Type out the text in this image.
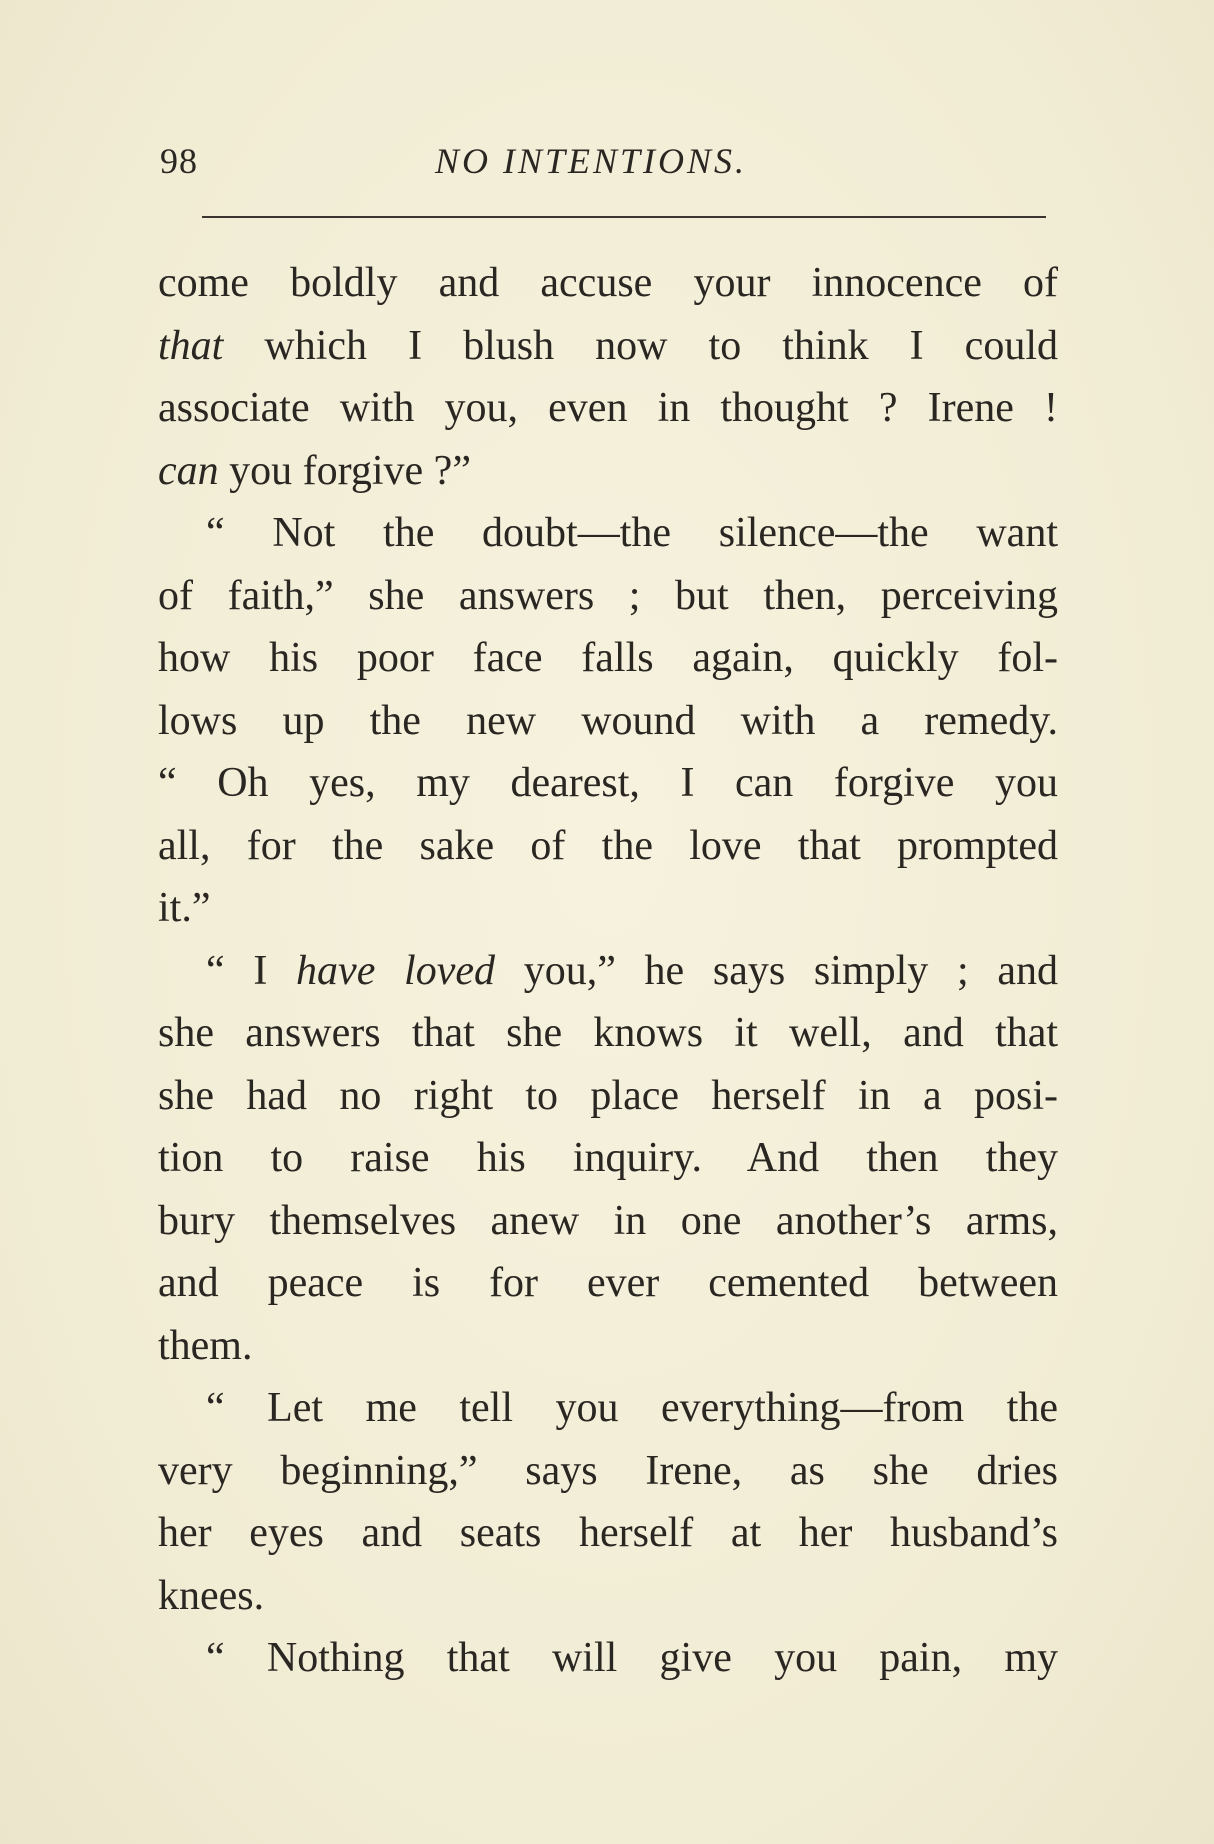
98	NO INTENTIONS.
come boldly and accuse your innocence of
that which I blush now to think I could
associate with you, even in thought ? Irene !
can you forgive ?”
“ Not the doubt—the silence—the want
of faith,” she answers ; but then, perceiving
how his poor face falls again, quickly fol-
lows up the new wound with a remedy.
“ Oh yes, my dearest, I can forgive you
all, for the sake of the love that prompted
it.”
“ I have loved you,” he says simply ; and
she answers that she knows it well, and that
she had no right to place herself in a posi-
tion to raise his inquiry. And then they
bury themselves anew in one another’s arms,
and peace is for ever cemented between
them.
“ Let me tell you everything—from the
very beginning,” says Irene, as she dries
her eyes and seats herself at her husband’s
knees.
“ Nothing that will give you pain, my
